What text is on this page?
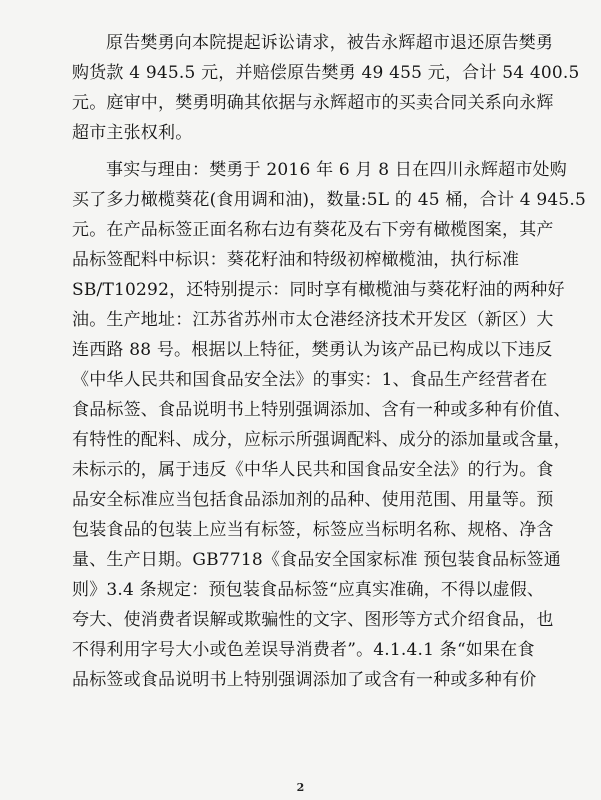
原告樊勇向本院提起诉讼请求，被告永辉超市退还原告樊勇
购货款 4 945.5 元，并赔偿原告樊勇 49 455 元，合计 54 400.5
元。庭审中，樊勇明确其依据与永辉超市的买卖合同关系向永辉
超市主张权利。
事实与理由：樊勇于 2016 年 6 月 8 日在四川永辉超市处购
买了多力橄榄葵花(食用调和油)，数量:5L 的 45 桶，合计 4 945.5
元。在产品标签正面名称右边有葵花及右下旁有橄榄图案，其产
品标签配料中标识：葵花籽油和特级初榨橄榄油，执行标准
SB/T10292，还特别提示：同时享有橄榄油与葵花籽油的两种好
油。生产地址：江苏省苏州市太仓港经济技术开发区（新区）大
连西路 88 号。根据以上特征，樊勇认为该产品已构成以下违反
《中华人民共和国食品安全法》的事实：1、食品生产经营者在
食品标签、食品说明书上特别强调添加、含有一种或多种有价值、
有特性的配料、成分，应标示所强调配料、成分的添加量或含量，
未标示的，属于违反《中华人民共和国食品安全法》的行为。食
品安全标准应当包括食品添加剂的品种、使用范围、用量等。预
包装食品的包装上应当有标签，标签应当标明名称、规格、净含
量、生产日期。GB7718《食品安全国家标准 预包装食品标签通
则》3.4 条规定：预包装食品标签“应真实准确，不得以虚假、
夸大、使消费者误解或欺骗性的文字、图形等方式介绍食品，也
不得利用字号大小或色差误导消费者”。4.1.4.1 条“如果在食
品标签或食品说明书上特别强调添加了或含有一种或多种有价
2
